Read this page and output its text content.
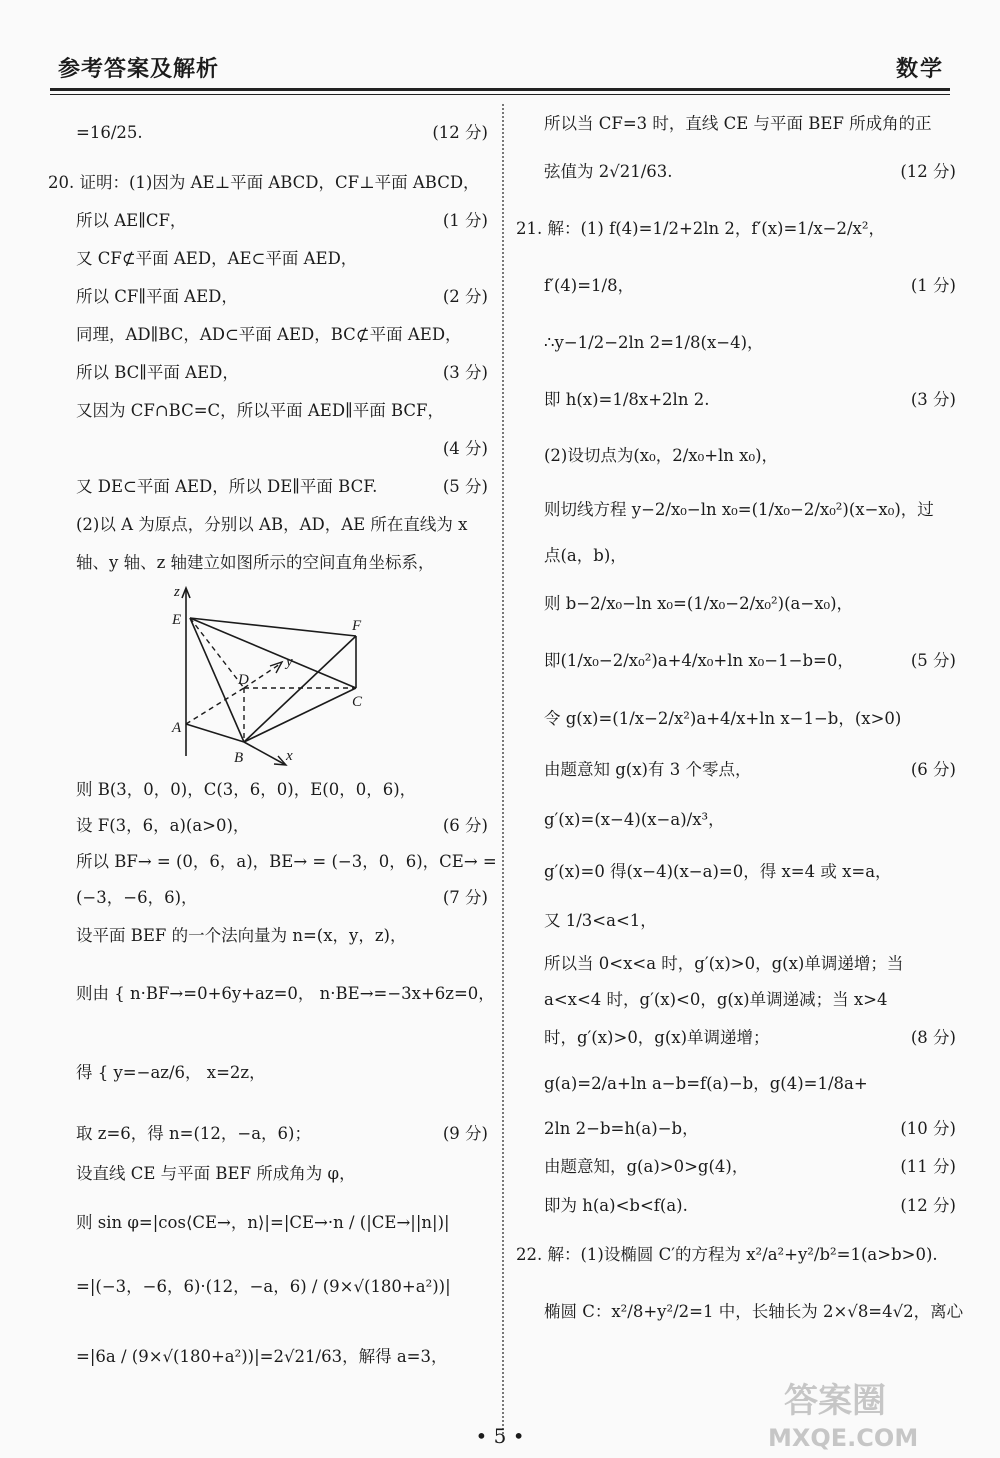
参考答案及解析	数学
=16/25.	(12 分)
20. 证明：(1)因为 AE⊥平面 ABCD，CF⊥平面 ABCD，
所以 AE∥CF，	(1 分)
又 CF⊄平面 AED，AE⊂平面 AED，
所以 CF∥平面 AED，	(2 分)
同理，AD∥BC，AD⊂平面 AED，BC⊄平面 AED，
所以 BC∥平面 AED，	(3 分)
又因为 CF∩BC=C，所以平面 AED∥平面 BCF，
(4 分)
又 DE⊂平面 AED，所以 DE∥平面 BCF.	(5 分)
(2)以 A 为原点，分别以 AB，AD，AE 所在直线为 x
轴、y 轴、z 轴建立如图所示的空间直角坐标系，
z
E	F
y
D
C
A
B	x
则 B(3，0，0)，C(3，6，0)，E(0，0，6)，
设 F(3，6，a)(a>0)，	(6 分)
所以 BF→ = (0，6，a)，BE→ = (−3，0，6)，CE→ =
(−3，−6，6)，	(7 分)
设平面 BEF 的一个法向量为 n=(x，y，z)，
则由 { n·BF→=0+6y+az=0， n·BE→=−3x+6z=0，
得 { y=−az/6， x=2z，
取 z=6，得 n=(12，−a，6)；	(9 分)
设直线 CE 与平面 BEF 所成角为 φ，
则 sin φ=|cos⟨CE→，n⟩|=|CE→·n / (|CE→||n|)|
=|(−3，−6，6)·(12，−a，6) / (9×√(180+a²))|
=|6a / (9×√(180+a²))|=2√21/63，解得 a=3，
所以当 CF=3 时，直线 CE 与平面 BEF 所成角的正
弦值为 2√21/63.	(12 分)
21. 解：(1) f(4)=1/2+2ln 2，f′(x)=1/x−2/x²，
f′(4)=1/8，	(1 分)
∴y−1/2−2ln 2=1/8(x−4)，
即 h(x)=1/8x+2ln 2.	(3 分)
(2)设切点为(x₀，2/x₀+ln x₀)，
则切线方程 y−2/x₀−ln x₀=(1/x₀−2/x₀²)(x−x₀)，过
点(a，b)，
则 b−2/x₀−ln x₀=(1/x₀−2/x₀²)(a−x₀)，
即(1/x₀−2/x₀²)a+4/x₀+ln x₀−1−b=0，	(5 分)
令 g(x)=(1/x−2/x²)a+4/x+ln x−1−b，(x>0)
由题意知 g(x)有 3 个零点，	(6 分)
g′(x)=(x−4)(x−a)/x³，
g′(x)=0 得(x−4)(x−a)=0，得 x=4 或 x=a，
又 1/3<a<1，
所以当 0<x<a 时，g′(x)>0，g(x)单调递增；当
a<x<4 时，g′(x)<0，g(x)单调递减；当 x>4
时，g′(x)>0，g(x)单调递增；	(8 分)
g(a)=2/a+ln a−b=f(a)−b，g(4)=1/8a+
2ln 2−b=h(a)−b，	(10 分)
由题意知，g(a)>0>g(4)，	(11 分)
即为 h(a)<b<f(a).	(12 分)
22. 解：(1)设椭圆 C′的方程为 x²/a²+y²/b²=1(a>b>0).
椭圆 C：x²/8+y²/2=1 中，长轴长为 2×√8=4√2，离心
• 5 •
答案圈
MXQE.COM
